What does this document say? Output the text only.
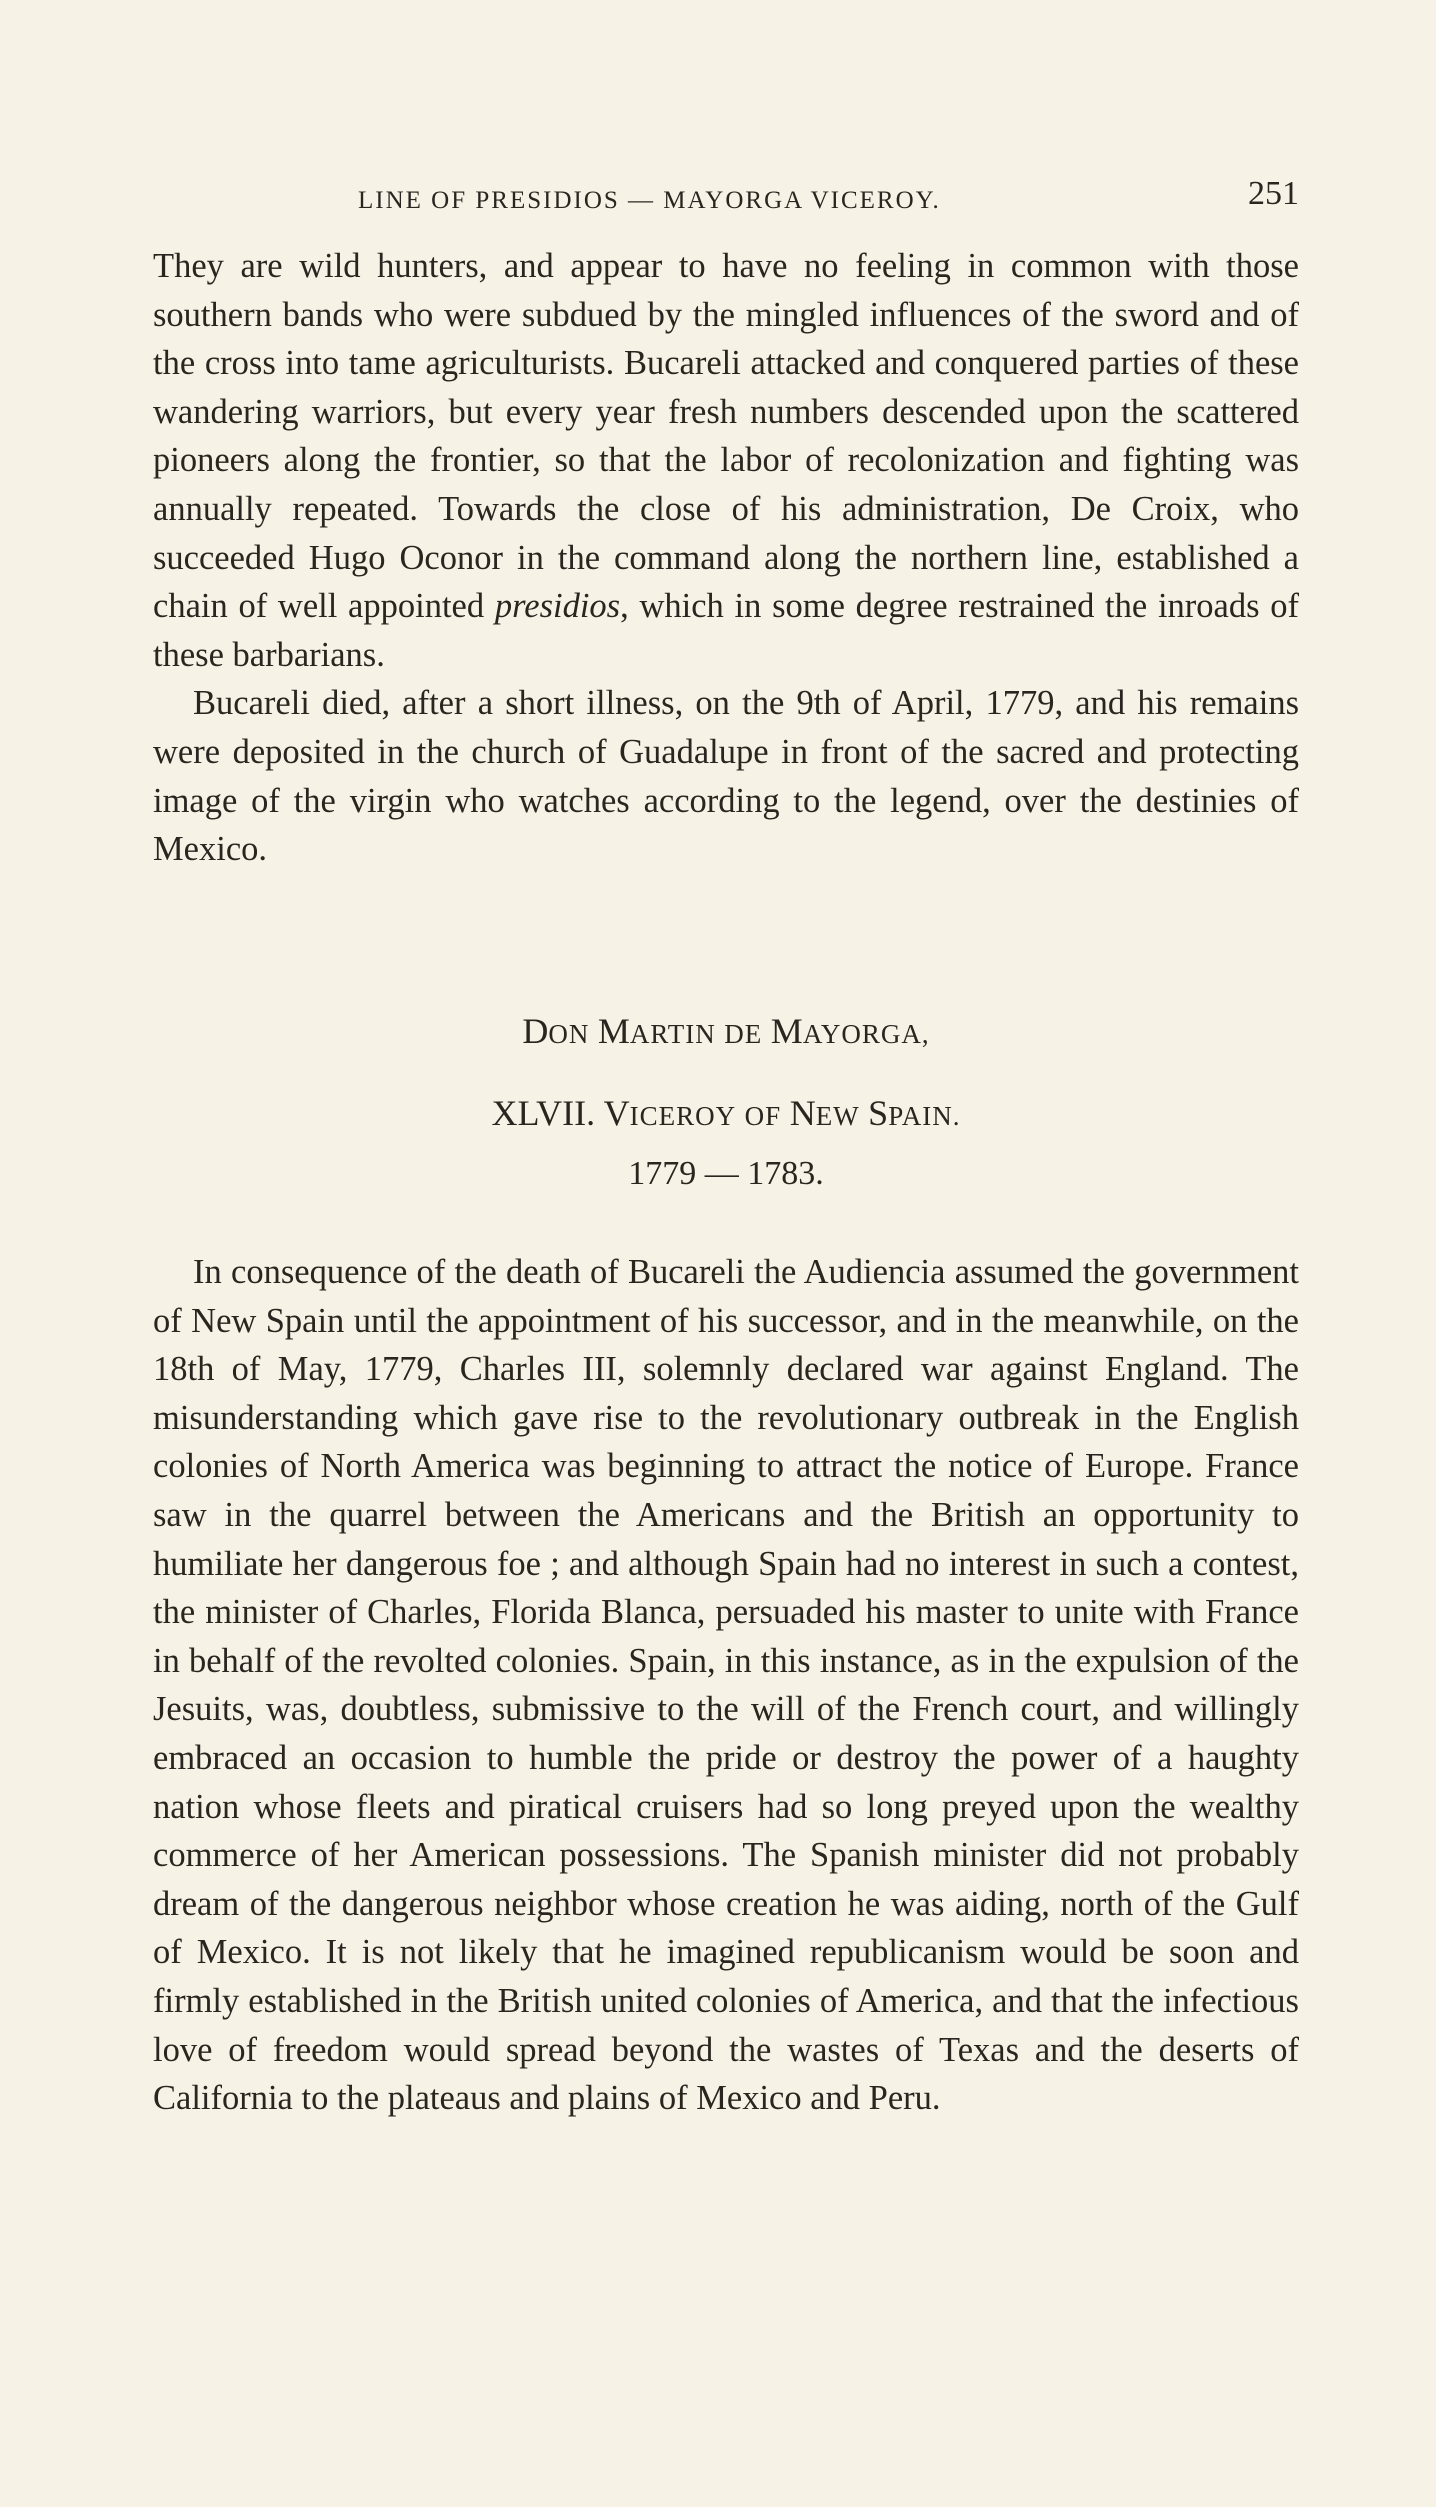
LINE OF PRESIDIOS — MAYORGA VICEROY.	251

They are wild hunters, and appear to have no feeling in common with those southern bands who were subdued by the mingled influences of the sword and of the cross into tame agriculturists. Bucareli attacked and conquered parties of these wandering warriors, but every year fresh numbers descended upon the scattered pioneers along the frontier, so that the labor of recolonization and fighting was annually repeated. Towards the close of his administration, De Croix, who succeeded Hugo Oconor in the command along the northern line, established a chain of well appointed presidios, which in some degree restrained the inroads of these barbarians.

Bucareli died, after a short illness, on the 9th of April, 1779, and his remains were deposited in the church of Guadalupe in front of the sacred and protecting image of the virgin who watches according to the legend, over the destinies of Mexico.

DON MARTIN DE MAYORGA,
XLVII. VICEROY OF NEW SPAIN.
1779 — 1783.

In consequence of the death of Bucareli the Audiencia assumed the government of New Spain until the appointment of his successor, and in the meanwhile, on the 18th of May, 1779, Charles III, solemnly declared war against England. The misunderstanding which gave rise to the revolutionary outbreak in the English colonies of North America was beginning to attract the notice of Europe. France saw in the quarrel between the Americans and the British an opportunity to humiliate her dangerous foe ; and although Spain had no interest in such a contest, the minister of Charles, Florida Blanca, persuaded his master to unite with France in behalf of the revolted colonies. Spain, in this instance, as in the expulsion of the Jesuits, was, doubtless, submissive to the will of the French court, and willingly embraced an occasion to humble the pride or destroy the power of a haughty nation whose fleets and piratical cruisers had so long preyed upon the wealthy commerce of her American possessions. The Spanish minister did not probably dream of the dangerous neighbor whose creation he was aiding, north of the Gulf of Mexico. It is not likely that he imagined republicanism would be soon and firmly established in the British united colonies of America, and that the infectious love of freedom would spread beyond the wastes of Texas and the deserts of California to the plateaus and plains of Mexico and Peru.
